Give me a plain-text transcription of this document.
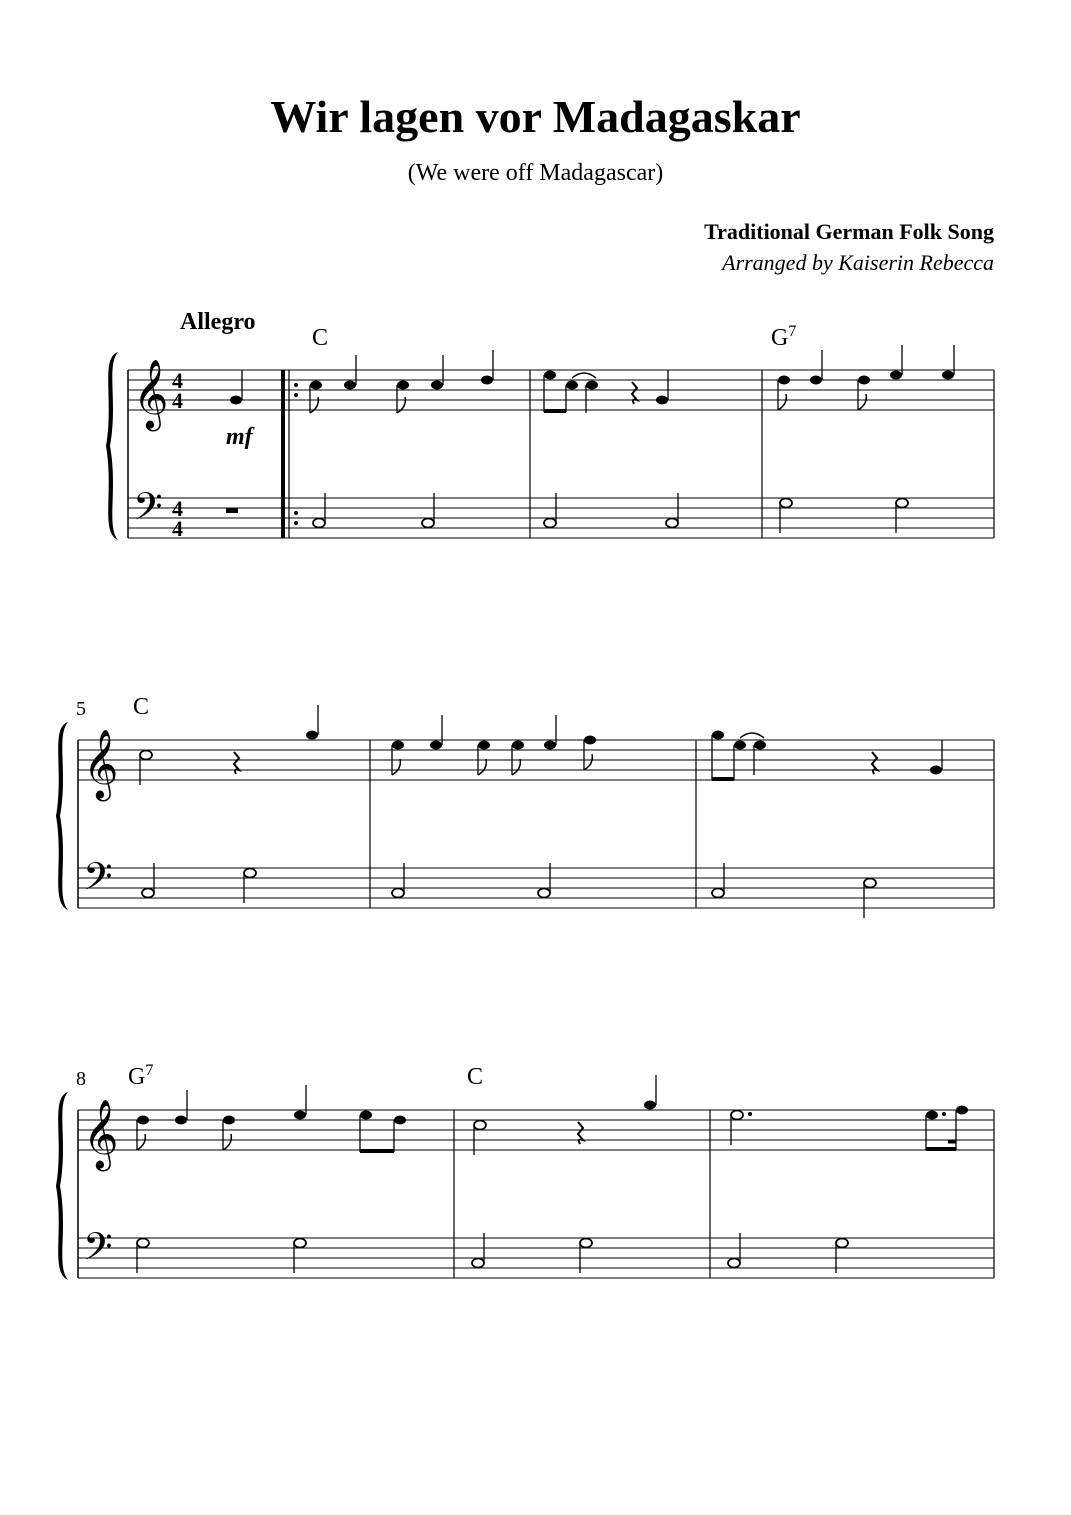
Wir lagen vor Madagaskar
(We were off Madagascar)
Traditional German Folk Song
Arranged by Kaiserin Rebecca
Allegro
C	$G^7$
𝄞
𝄢
4
4
4
4
mf
5 C
𝄞
𝄢
8 $G^7$	C
𝄞
𝄢
